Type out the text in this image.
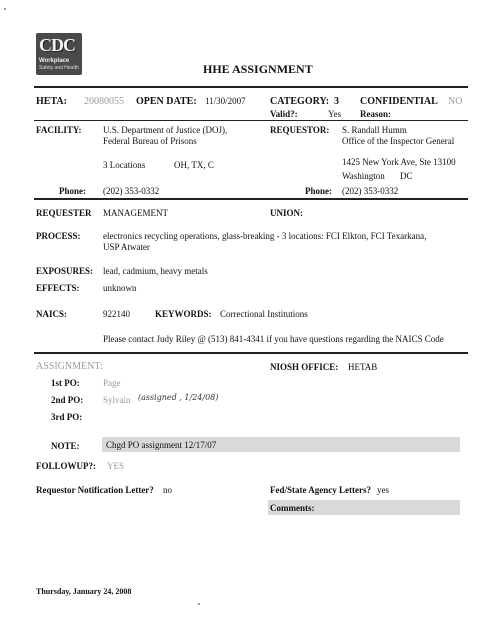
CDC
Workplace
Safety and Health	HHE ASSIGNMENT
HETA: 20080055 OPEN DATE: 11/30/2007 CATEGORY: 3 CONFIDENTIAL NO
Valid?:	Yes Reason:
FACILITY: U.S. Department of Justice (DOJ),
Federal Bureau of Prisons
3 Locations	OH, TX, C
Phone: (202) 353-0332
REQUESTOR: S. Randall Humm
Office of the Inspector General
1425 New York Ave, Ste 13100
Washington DC
Phone: (202) 353-0332
REQUESTER MANAGEMENT	UNION:
PROCESS: electronics recycling operations, glass-breaking - 3 locations: FCI Elkton, FCI Texarkana,
USP Atwater
EXPOSURES: lead, cadmium, heavy metals
EFFECTS:	unknown
NAICS:	922140	KEYWORDS: Correctional Institutions
Please contact Judy Riley @ (513) 841-4341 if you have questions regarding the NAICS Code
ASSIGNMENT:	NIOSH OFFICE: HETAB
1st PO:	Page
2nd PO: Sylvain (assigned , 1/24/08)
3rd PO:
NOTE:	Chgd PO assignment 12/17/07
FOLLOWUP?: YES
Requestor Notification Letter? no	Fed/State Agency Letters? yes
Comments:
Thursday, January 24, 2008
